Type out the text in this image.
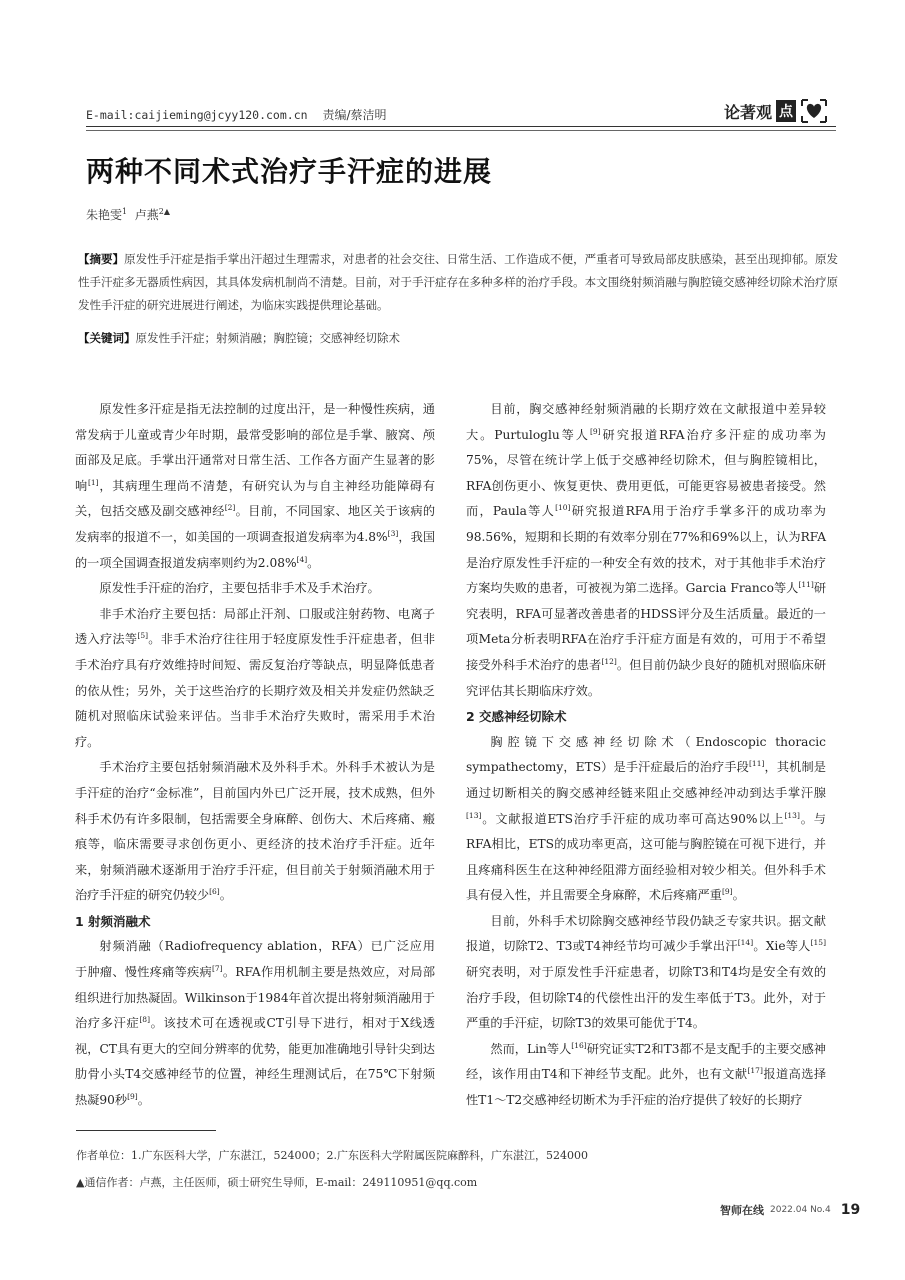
E-mail:caijieming@jcyy120.com.cn 责编/蔡洁明	论著观 点
两种不同术式治疗手汗症的进展
朱艳雯$^1$ 卢燕$^{2▲}$
【摘要】原发性手汗症是指手掌出汗超过生理需求，对患者的社会交往、日常生活、工作造成不便，严重者可导致局部皮肤感染，甚至出现抑郁。原发性手汗症多无器质性病因，其具体发病机制尚不清楚。目前，对于手汗症存在多种多样的治疗手段。本文围绕射频消融与胸腔镜交感神经切除术治疗原发性手汗症的研究进展进行阐述，为临床实践提供理论基础。
【关键词】原发性手汗症；射频消融；胸腔镜；交感神经切除术

原发性多汗症是指无法控制的过度出汗，是一种慢性疾病，通常发病于儿童或青少年时期，最常受影响的部位是手掌、腋窝、颅面部及足底。手掌出汗通常对日常生活、工作各方面产生显著的影响[1]，其病理生理尚不清楚，有研究认为与自主神经功能障碍有关，包括交感及副交感神经[2]。目前，不同国家、地区关于该病的发病率的报道不一，如美国的一项调查报道发病率为4.8%[3]，我国的一项全国调查报道发病率则约为2.08%[4]。

原发性手汗症的治疗，主要包括非手术及手术治疗。

非手术治疗主要包括：局部止汗剂、口服或注射药物、电离子透入疗法等[5]。非手术治疗往往用于轻度原发性手汗症患者，但非手术治疗具有疗效维持时间短、需反复治疗等缺点，明显降低患者的依从性；另外，关于这些治疗的长期疗效及相关并发症仍然缺乏随机对照临床试验来评估。当非手术治疗失败时，需采用手术治疗。

手术治疗主要包括射频消融术及外科手术。外科手术被认为是手汗症的治疗“金标准”，目前国内外已广泛开展，技术成熟，但外科手术仍有许多限制，包括需要全身麻醉、创伤大、术后疼痛、瘢痕等，临床需要寻求创伤更小、更经济的技术治疗手汗症。近年来，射频消融术逐渐用于治疗手汗症，但目前关于射频消融术用于治疗手汗症的研究仍较少[6]。

1 射频消融术

射频消融（Radiofrequency ablation，RFA）已广泛应用于肿瘤、慢性疼痛等疾病[7]。RFA作用机制主要是热效应，对局部组织进行加热凝固。Wilkinson于1984年首次提出将射频消融用于治疗多汗症[8]。该技术可在透视或CT引导下进行，相对于X线透视，CT具有更大的空间分辨率的优势，能更加准确地引导针尖到达肋骨小头T4交感神经节的位置，神经生理测试后，在75℃下射频热凝90秒[9]。

目前，胸交感神经射频消融的长期疗效在文献报道中差异较大。Purtuloglu等人[9]研究报道RFA治疗多汗症的成功率为75%，尽管在统计学上低于交感神经切除术，但与胸腔镜相比，RFA创伤更小、恢复更快、费用更低，可能更容易被患者接受。然而，Paula等人[10]研究报道RFA用于治疗手掌多汗的成功率为98.56%，短期和长期的有效率分别在77%和69%以上，认为RFA是治疗原发性手汗症的一种安全有效的技术，对于其他非手术治疗方案均失败的患者，可被视为第二选择。Garcia Franco等人[11]研究表明，RFA可显著改善患者的HDSS评分及生活质量。最近的一项Meta分析表明RFA在治疗手汗症方面是有效的，可用于不希望接受外科手术治疗的患者[12]。但目前仍缺少良好的随机对照临床研究评估其长期临床疗效。

2 交感神经切除术

胸腔镜下交感神经切除术（Endoscopic thoracic sympathectomy，ETS）是手汗症最后的治疗手段[11]，其机制是通过切断相关的胸交感神经链来阻止交感神经冲动到达手掌汗腺[13]。文献报道ETS治疗手汗症的成功率可高达90%以上[13]。与RFA相比，ETS的成功率更高，这可能与胸腔镜在可视下进行，并且疼痛科医生在这种神经阻滞方面经验相对较少相关。但外科手术具有侵入性，并且需要全身麻醉，术后疼痛严重[9]。

目前，外科手术切除胸交感神经节段仍缺乏专家共识。据文献报道，切除T2、T3或T4神经节均可减少手掌出汗[14]。Xie等人[15]研究表明，对于原发性手汗症患者，切除T3和T4均是安全有效的治疗手段，但切除T4的代偿性出汗的发生率低于T3。此外，对于严重的手汗症，切除T3的效果可能优于T4。

然而，Lin等人[16]研究证实T2和T3都不是支配手的主要交感神经，该作用由T4和下神经节支配。此外，也有文献[17]报道高选择性T1～T2交感神经切断术为手汗症的治疗提供了较好的长期疗

作者单位：1.广东医科大学，广东湛江，524000；2.广东医科大学附属医院麻醉科，广东湛江，524000
▲通信作者：卢燕，主任医师，硕士研究生导师，E-mail：249110951@qq.com
智师在线 2022.04 No.4 19
